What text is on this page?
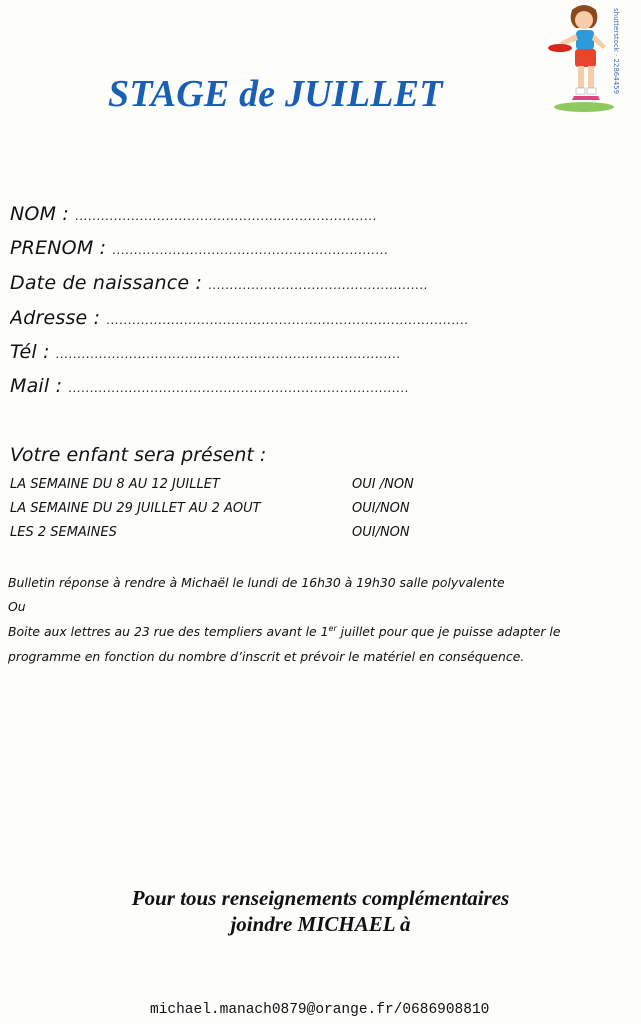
STAGE de JUILLET	shutterstock · 22864459
NOM : ......................................................................
PRENOM : ................................................................
Date de naissance : ...................................................
Adresse : ....................................................................................
Tél : ................................................................................
Mail : ...............................................................................
Votre enfant sera présent :
LA SEMAINE DU 8 AU 12 JUILLET	OUI /NON
LA SEMAINE DU 29 JUILLET AU 2 AOUT	OUI/NON
LES 2 SEMAINES	OUI/NON
Bulletin réponse à rendre à Michaël le lundi de 16h30 à 19h30 salle polyvalente
Ou
Boite aux lettres au 23 rue des templiers avant le 1er juillet pour que je puisse adapter le
programme en fonction du nombre d’inscrit et prévoir le matériel en conséquence.
Pour tous renseignements complémentaires
joindre MICHAEL à
michael.manach0879@orange.fr/0686908810
